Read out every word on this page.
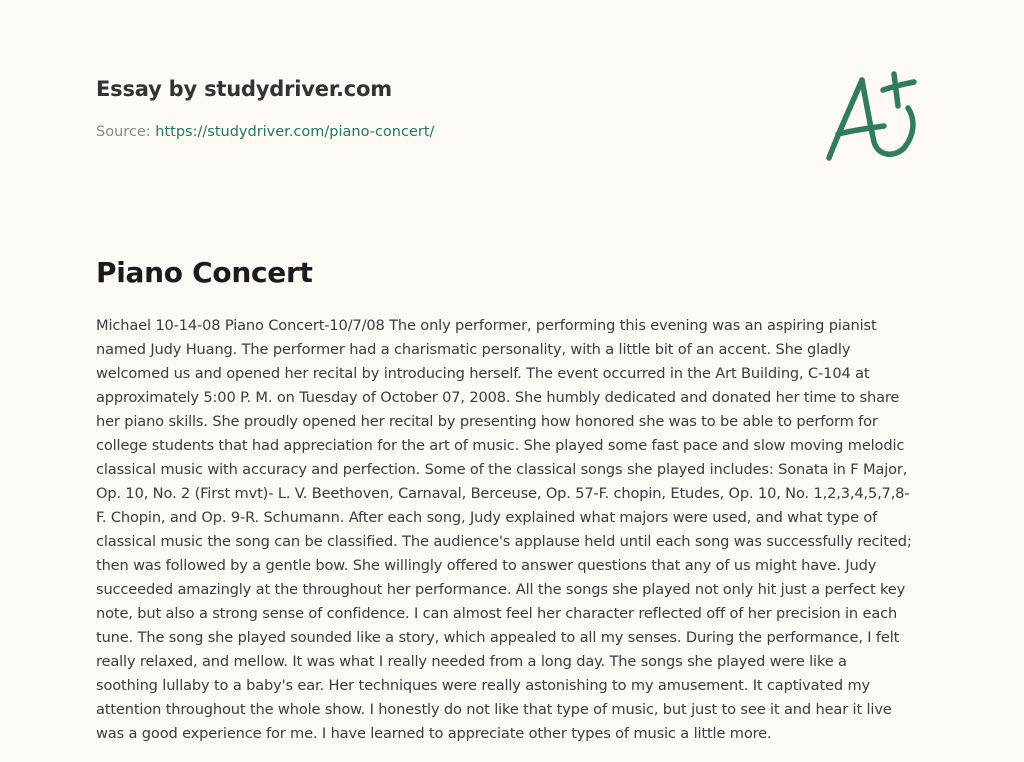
Essay by studydriver.com
Source: https://studydriver.com/piano-concert/
Piano Concert
Michael 10-14-08 Piano Concert-10/7/08 The only performer, performing this evening was an aspiring pianist
named Judy Huang. The performer had a charismatic personality, with a little bit of an accent. She gladly
welcomed us and opened her recital by introducing herself. The event occurred in the Art Building, C-104 at
approximately 5:00 P. M. on Tuesday of October 07, 2008. She humbly dedicated and donated her time to share
her piano skills. She proudly opened her recital by presenting how honored she was to be able to perform for
college students that had appreciation for the art of music. She played some fast pace and slow moving melodic
classical music with accuracy and perfection. Some of the classical songs she played includes: Sonata in F Major,
Op. 10, No. 2 (First mvt)- L. V. Beethoven, Carnaval, Berceuse, Op. 57-F. chopin, Etudes, Op. 10, No. 1,2,3,4,5,7,8-
F. Chopin, and Op. 9-R. Schumann. After each song, Judy explained what majors were used, and what type of
classical music the song can be classified. The audience's applause held until each song was successfully recited;
then was followed by a gentle bow. She willingly offered to answer questions that any of us might have. Judy
succeeded amazingly at the throughout her performance. All the songs she played not only hit just a perfect key
note, but also a strong sense of confidence. I can almost feel her character reflected off of her precision in each
tune. The song she played sounded like a story, which appealed to all my senses. During the performance, I felt
really relaxed, and mellow. It was what I really needed from a long day. The songs she played were like a
soothing lullaby to a baby's ear. Her techniques were really astonishing to my amusement. It captivated my
attention throughout the whole show. I honestly do not like that type of music, but just to see it and hear it live
was a good experience for me. I have learned to appreciate other types of music a little more.
